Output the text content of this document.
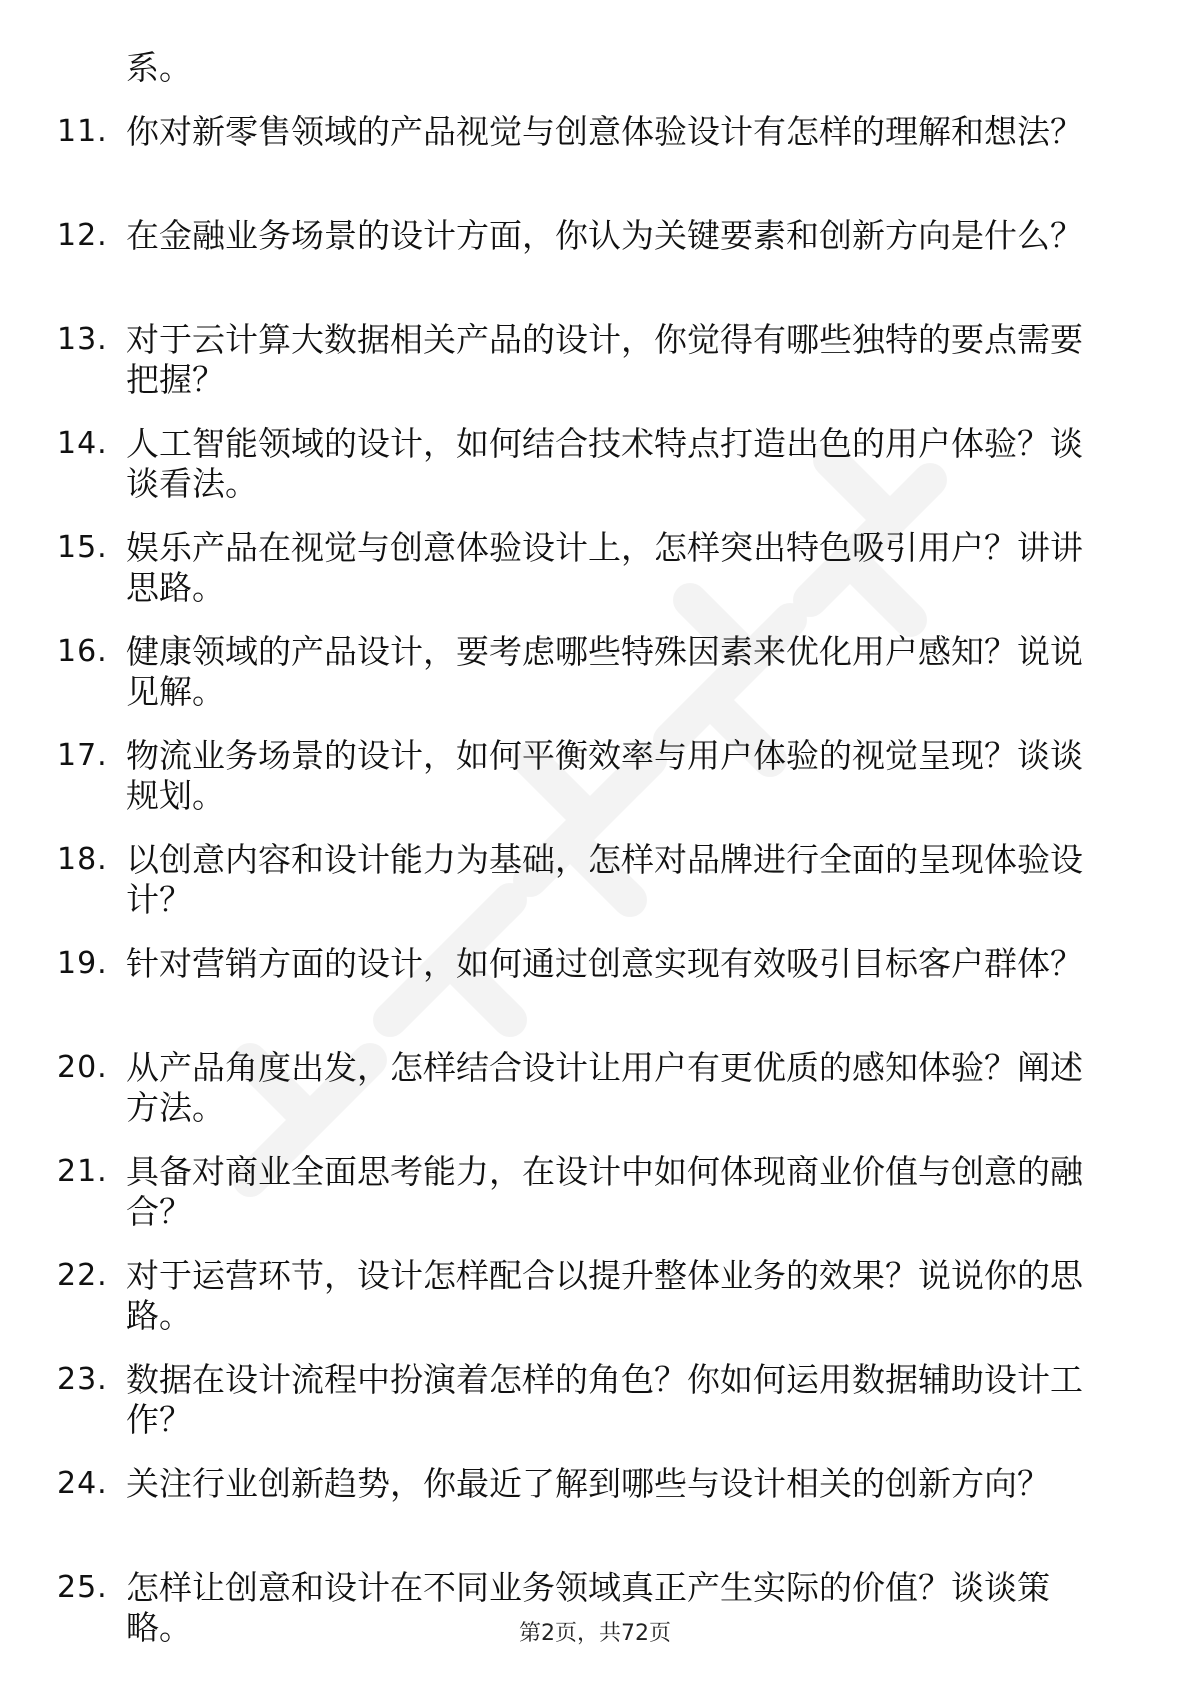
系。

11. 你对新零售领域的产品视觉与创意体验设计有怎样的理解和想法？

12. 在金融业务场景的设计方面，你认为关键要素和创新方向是什么？

13. 对于云计算大数据相关产品的设计，你觉得有哪些独特的要点需要把握？

14. 人工智能领域的设计，如何结合技术特点打造出色的用户体验？谈谈看法。

15. 娱乐产品在视觉与创意体验设计上，怎样突出特色吸引用户？讲讲思路。

16. 健康领域的产品设计，要考虑哪些特殊因素来优化用户感知？说说见解。

17. 物流业务场景的设计，如何平衡效率与用户体验的视觉呈现？谈谈规划。

18. 以创意内容和设计能力为基础，怎样对品牌进行全面的呈现体验设计？

19. 针对营销方面的设计，如何通过创意实现有效吸引目标客户群体？

20. 从产品角度出发，怎样结合设计让用户有更优质的感知体验？阐述方法。

21. 具备对商业全面思考能力，在设计中如何体现商业价值与创意的融合？

22. 对于运营环节，设计怎样配合以提升整体业务的效果？说说你的思路。

23. 数据在设计流程中扮演着怎样的角色？你如何运用数据辅助设计工作？

24. 关注行业创新趋势，你最近了解到哪些与设计相关的创新方向？

25. 怎样让创意和设计在不同业务领域真正产生实际的价值？谈谈策略。	第2页，共72页
